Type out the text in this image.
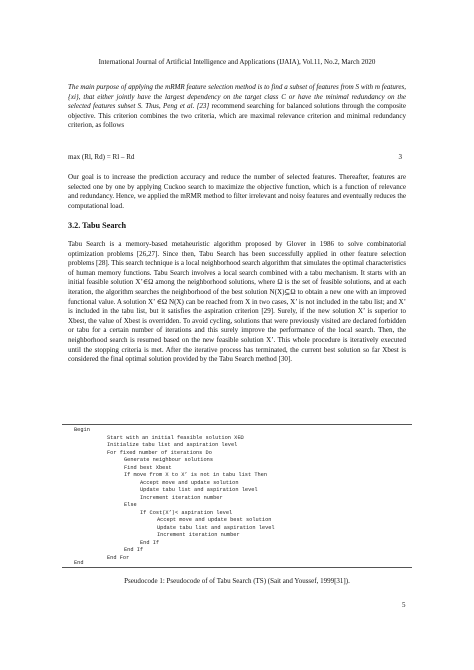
International Journal of Artificial Intelligence and Applications (IJAIA), Vol.11, No.2, March 2020
The main purpose of applying the mRMR feature selection method is to find a subset of features from S with m features, {xi}, that either jointly have the largest dependency on the target class C or have the minimal redundancy on the selected features subset S. Thus, Peng et al. [23] recommend searching for balanced solutions through the composite objective. This criterion combines the two criteria, which are maximal relevance criterion and minimal redundancy criterion, as follows
max (Rl, Rd) = Rl – Rd	3
Our goal is to increase the prediction accuracy and reduce the number of selected features. Thereafter, features are selected one by one by applying Cuckoo search to maximize the objective function, which is a function of relevance and redundancy. Hence, we applied the mRMR method to filter irrelevant and noisy features and eventually reduces the computational load.
3.2. Tabu Search
Tabu Search is a memory-based metaheuristic algorithm proposed by Glover in 1986 to solve combinatorial optimization problems [26,27]. Since then, Tabu Search has been successfully applied in other feature selection problems [28]. This search technique is a local neighborhood search algorithm that simulates the optimal characteristics of human memory functions. Tabu Search involves a local search combined with a tabu mechanism. It starts with an initial feasible solution X’∈Ω among the neighborhood solutions, where Ω is the set of feasible solutions, and at each iteration, the algorithm searches the neighborhood of the best solution N(X)⊆Ω to obtain a new one with an improved functional value. A solution X’ ∈Ω N(X) can be reached from X in two cases, X’ is not included in the tabu list; and X’ is included in the tabu list, but it satisfies the aspiration criterion [29]. Surely, if the new solution X’ is superior to Xbest, the value of Xbest is overridden. To avoid cycling, solutions that were previously visited are declared forbidden or tabu for a certain number of iterations and this surely improve the performance of the local search. Then, the neighborhood search is resumed based on the new feasible solution X’. This whole procedure is iteratively executed until the stopping criteria is met. After the iterative process has terminated, the current best solution so far Xbest is considered the final optimal solution provided by the Tabu Search method [30].
Begin
Start with an initial feasible solution X∈Ω
Initialize tabu list and aspiration level
For fixed number of iterations Do
Generate neighbour solutions
Find best Xbest
If move from X to X’ is not in tabu list Then
Accept move and update solution
Update tabu list and aspiration level
Increment iteration number
Else
If Cost(X’)< aspiration level
Accept move and update best solution
Update tabu list and aspiration level
Increment iteration number
End If
End If
End For
End
Pseudocode 1: Pseudocode of of Tabu Search (TS) (Sait and Youssef, 1999[31]).
5
